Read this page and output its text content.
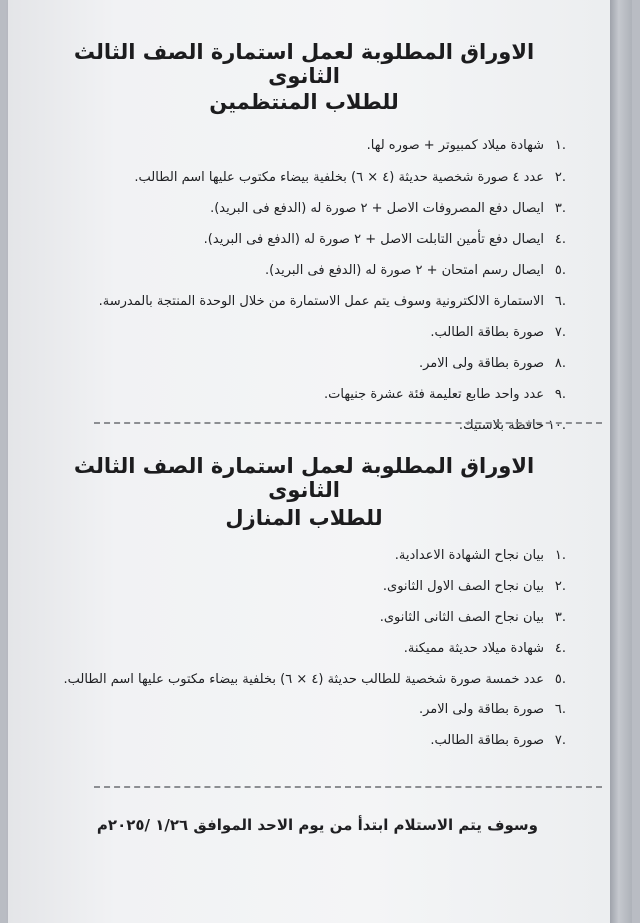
الاوراق المطلوبة لعمل استمارة الصف الثالث الثانوى
للطلاب المنتظمين
.١شهادة ميلاد كمبيوتر + صوره لها.
.٢عدد ٤ صورة شخصية حديثة (٤ × ٦) بخلفية بيضاء مكتوب عليها اسم الطالب.
.٣ايصال دفع المصروفات الاصل + ٢ صورة له (الدفع فى البريد).
.٤ايصال دفع تأمين التابلت الاصل + ٢ صورة له (الدفع فى البريد).
.٥ايصال رسم امتحان + ٢ صورة له (الدفع فى البريد).
.٦الاستمارة الالكترونية وسوف يتم عمل الاستمارة من خلال الوحدة المنتجة بالمدرسة.
.٧صورة بطاقة الطالب.
.٨صورة بطاقة ولى الامر.
.٩عدد واحد طابع تعليمة فئة عشرة جنيهات.
.١٠حافظة بلاستيك.
الاوراق المطلوبة لعمل استمارة الصف الثالث الثانوى
للطلاب المنازل
.١بيان نجاح الشهادة الاعدادية.
.٢بيان نجاح الصف الاول الثانوى.
.٣بيان نجاح الصف الثانى الثانوى.
.٤شهادة ميلاد حديثة مميكنة.
.٥عدد خمسة صورة شخصية للطالب حديثة (٤ × ٦) بخلفية بيضاء مكتوب عليها اسم الطالب.
.٦صورة بطاقة ولى الامر.
.٧صورة بطاقة الطالب.
وسوف يتم الاستلام ابتدأ من يوم الاحد الموافق ١/٢٦ /٢٠٢٥م
